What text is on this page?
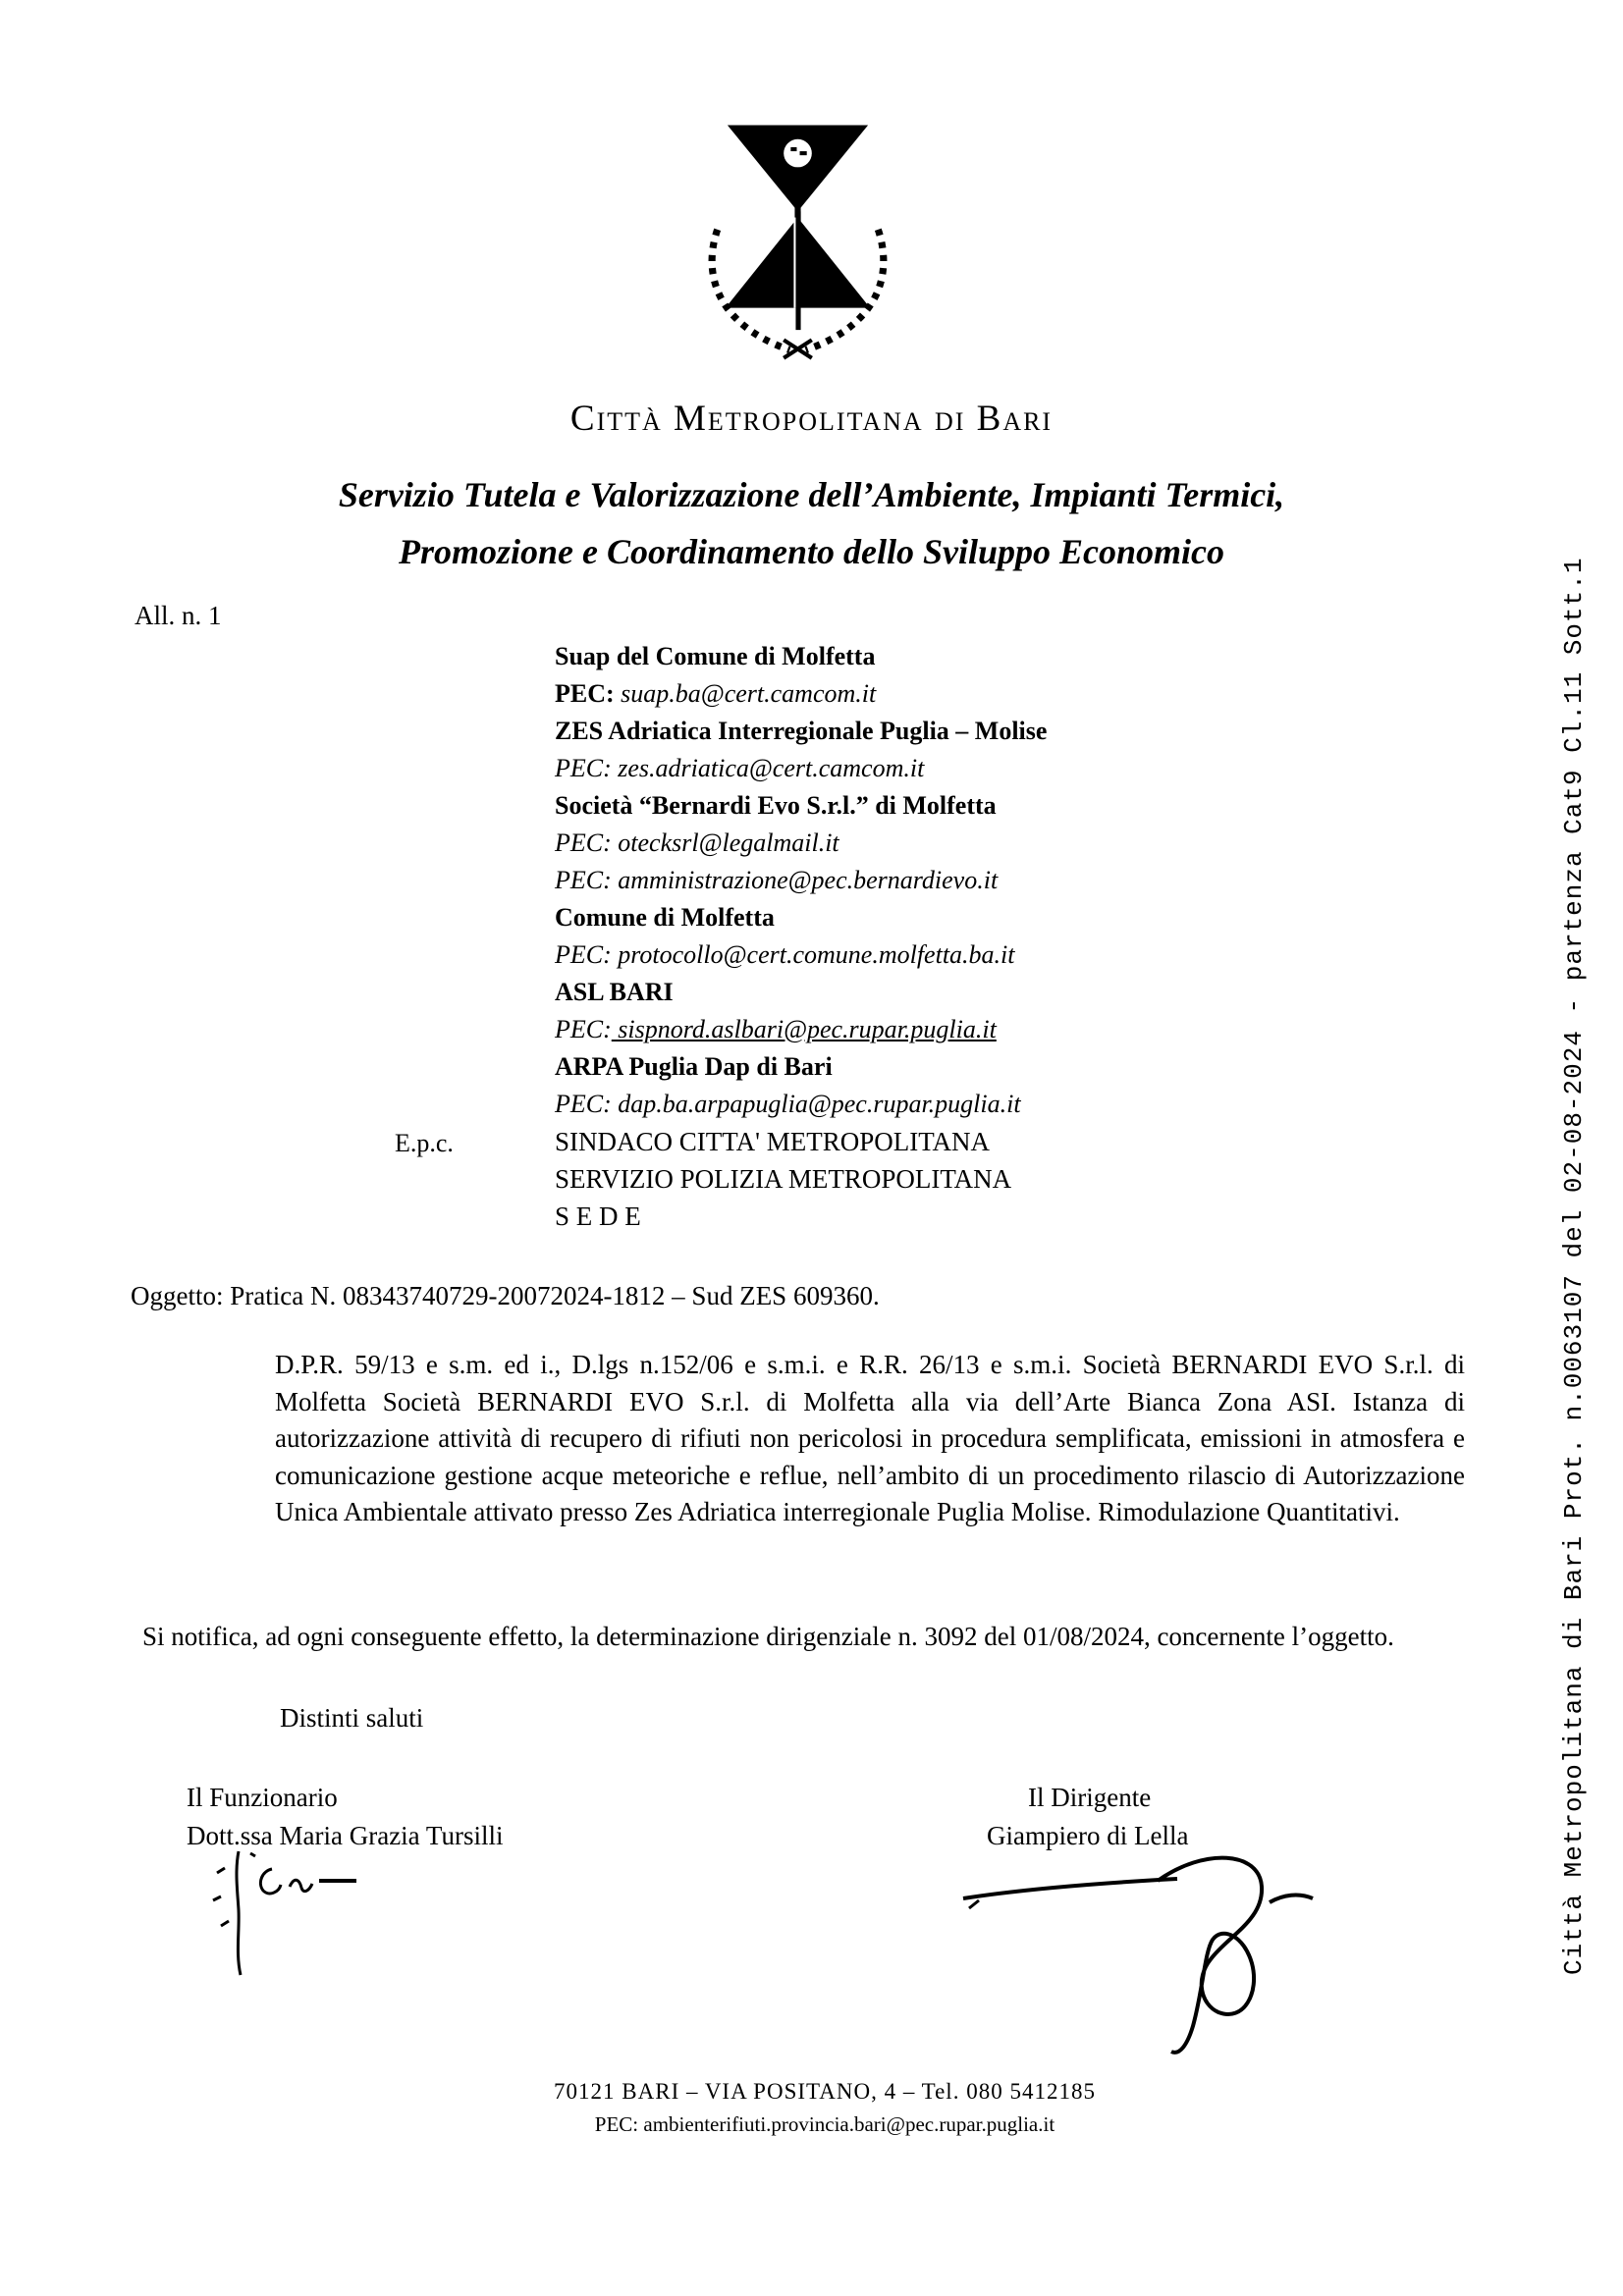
Città Metropolitana di Bari Prot. n.0063107 del 02-08-2024 - partenza Cat9 Cl.11 Sott.1
Città Metropolitana di Bari
Servizio Tutela e Valorizzazione dell’Ambiente, Impianti Termici,
Promozione e Coordinamento dello Sviluppo Economico
All. n. 1
Suap del Comune di Molfetta
PEC: suap.ba@cert.camcom.it
ZES Adriatica Interregionale Puglia – Molise
PEC: zes.adriatica@cert.camcom.it
Società “Bernardi Evo S.r.l.” di Molfetta
PEC: otecksrl@legalmail.it
PEC: amministrazione@pec.bernardievo.it
Comune di Molfetta
PEC: protocollo@cert.comune.molfetta.ba.it
ASL BARI
PEC: sispnord.aslbari@pec.rupar.puglia.it
ARPA Puglia Dap di Bari
PEC: dap.ba.arpapuglia@pec.rupar.puglia.it
E.p.c.	SINDACO CITTA' METROPOLITANA
SERVIZIO POLIZIA METROPOLITANA
S E D E
Oggetto: Pratica N. 08343740729-20072024-1812 – Sud ZES 609360.
D.P.R. 59/13 e s.m. ed i., D.lgs n.152/06 e s.m.i. e R.R. 26/13 e s.m.i. Società BERNARDI EVO S.r.l. di Molfetta Società BERNARDI EVO S.r.l. di Molfetta alla via dell’Arte Bianca Zona ASI. Istanza di autorizzazione attività di recupero di rifiuti non pericolosi in procedura semplificata, emissioni in atmosfera e comunicazione gestione acque meteoriche e reflue, nell’ambito di un procedimento rilascio di Autorizzazione Unica Ambientale attivato presso Zes Adriatica interregionale Puglia Molise. Rimodulazione Quantitativi.
Si notifica, ad ogni conseguente effetto, la determinazione dirigenziale n. 3092 del 01/08/2024, concernente l’oggetto.
Distinti saluti
Il Funzionario
Dott.ssa Maria Grazia Tursilli
Il Dirigente
Giampiero di Lella
70121 BARI – VIA POSITANO, 4 – Tel. 080 5412185
PEC: ambienterifiuti.provincia.bari@pec.rupar.puglia.it
